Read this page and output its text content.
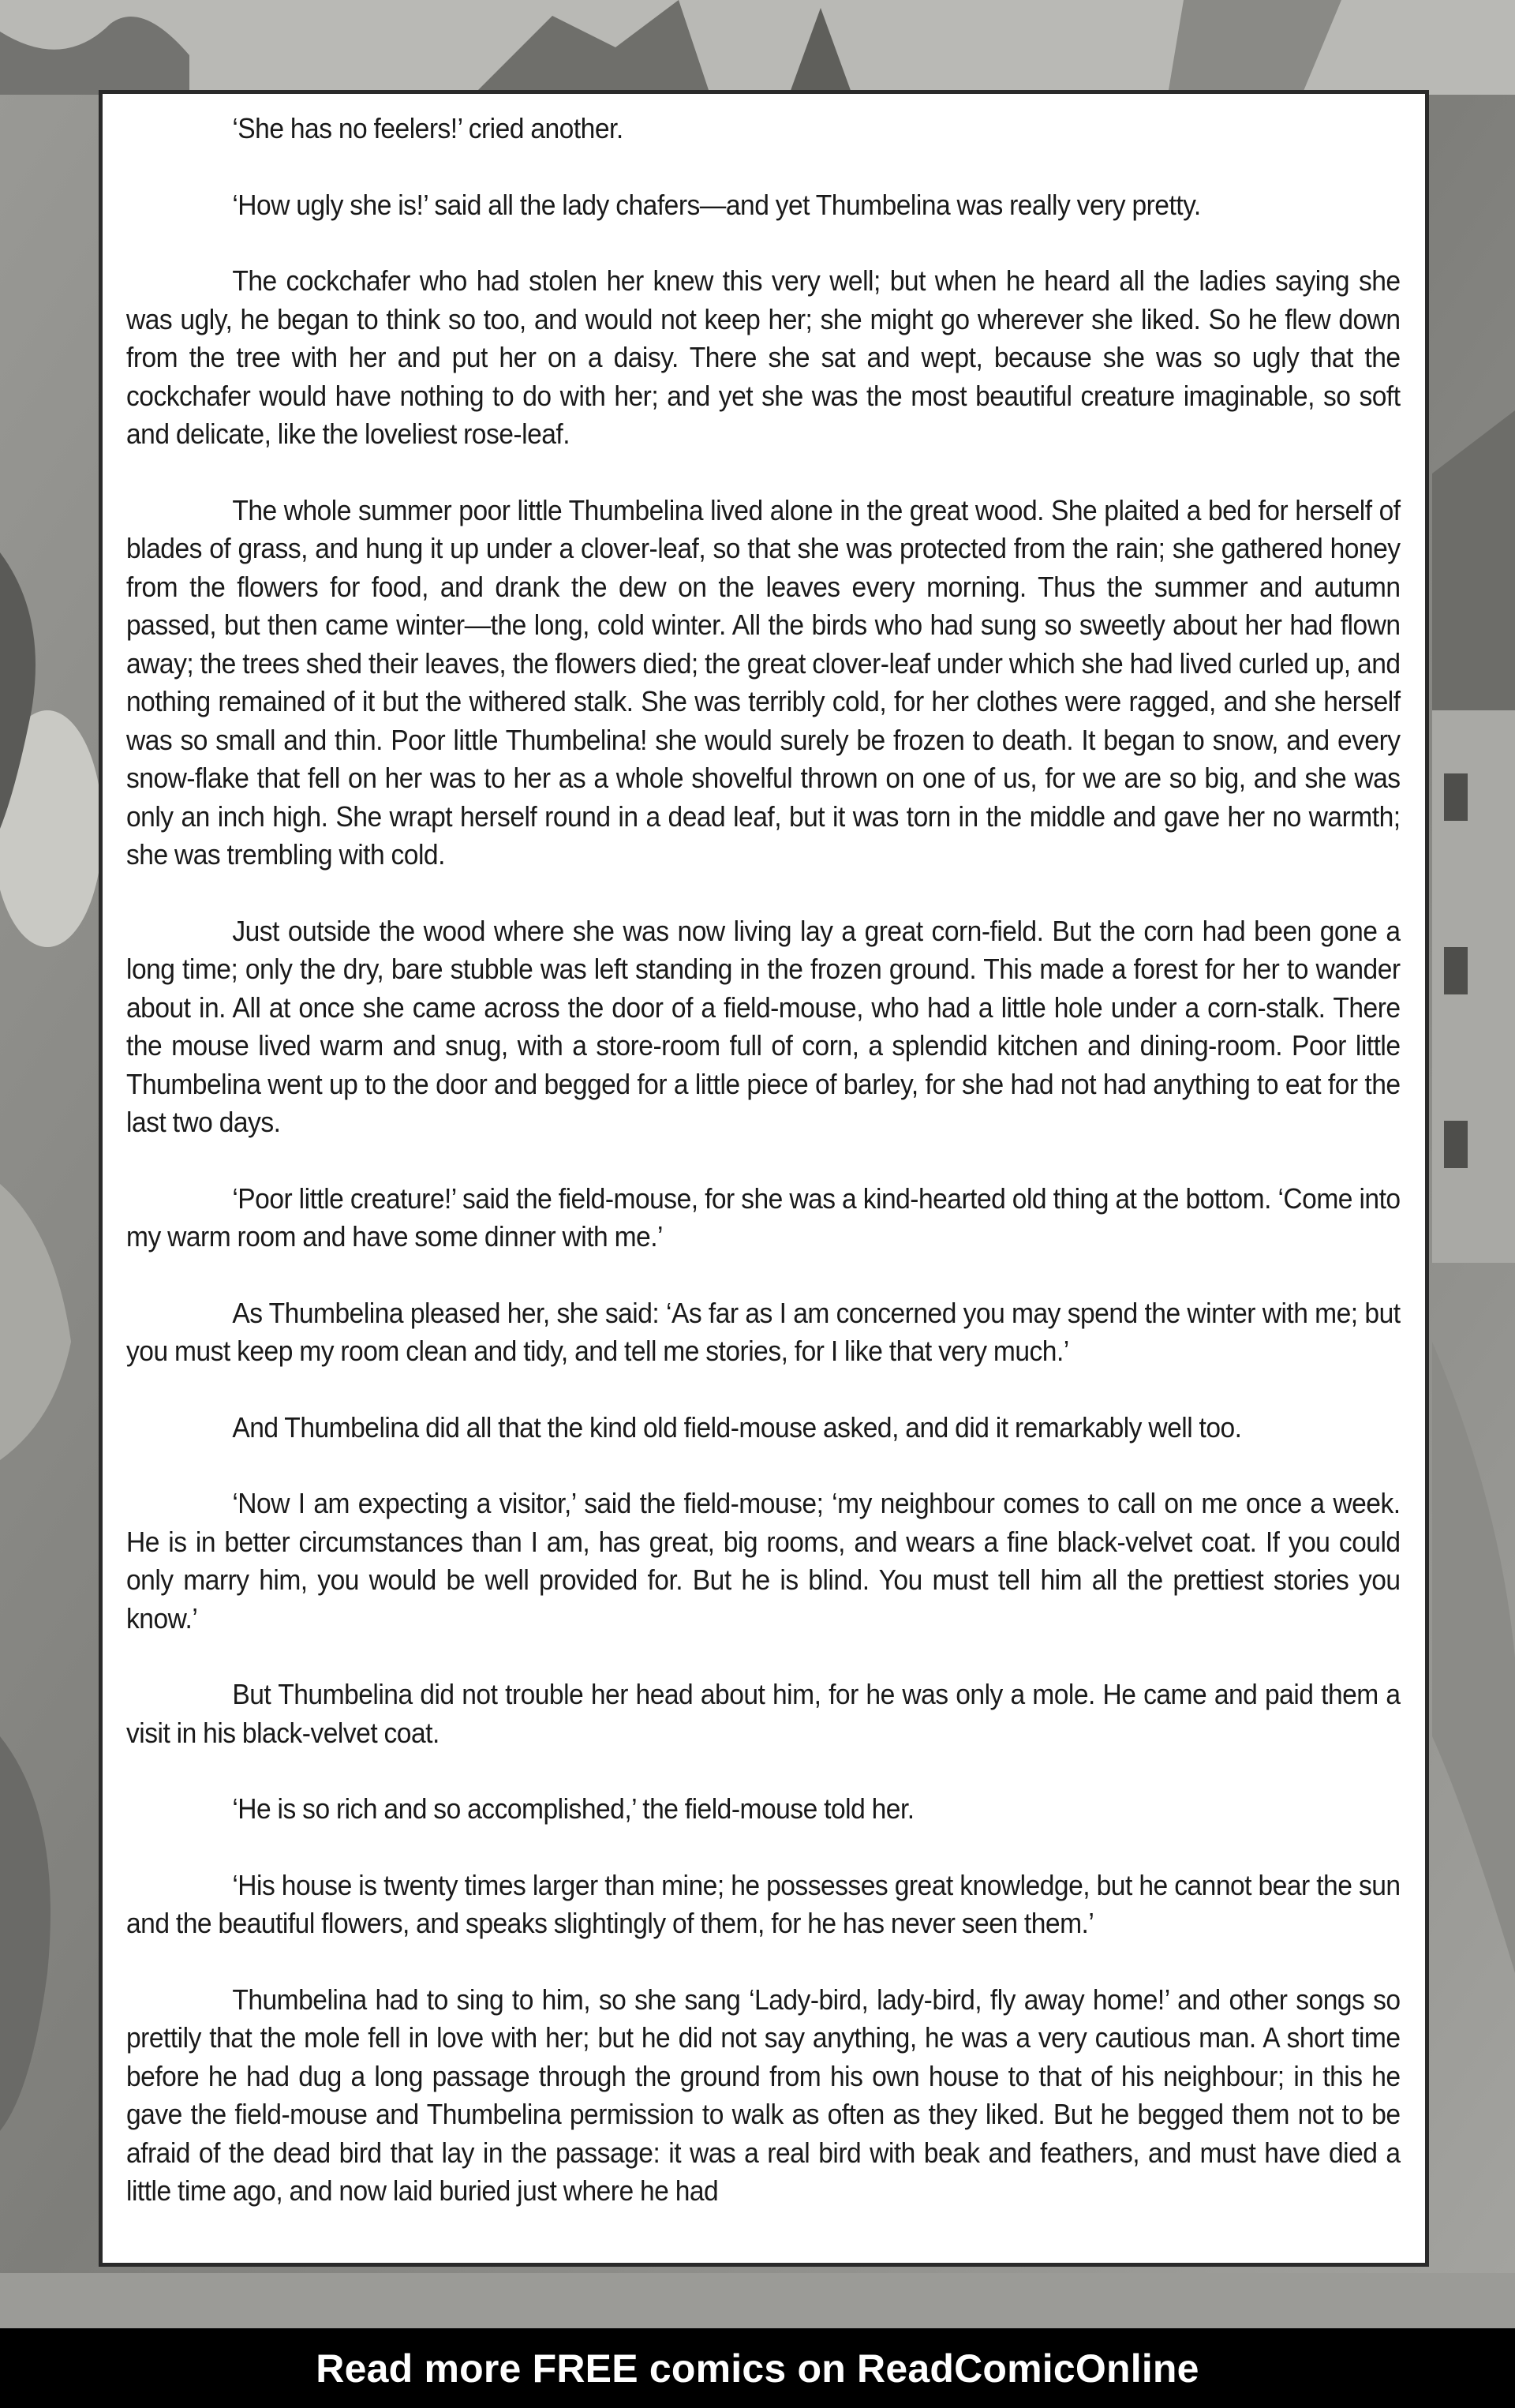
‘She has no feelers!’ cried another.

‘How ugly she is!’ said all the lady chafers—and yet Thumbelina was really very pretty.

The cockchafer who had stolen her knew this very well; but when he heard all the ladies saying she was ugly, he began to think so too, and would not keep her; she might go wherever she liked. So he flew down from the tree with her and put her on a daisy. There she sat and wept, because she was so ugly that the cockchafer would have nothing to do with her; and yet she was the most beautiful creature imaginable, so soft and delicate, like the loveliest rose-leaf.

The whole summer poor little Thumbelina lived alone in the great wood. She plaited a bed for herself of blades of grass, and hung it up under a clover-leaf, so that she was protected from the rain; she gathered honey from the flowers for food, and drank the dew on the leaves every morning. Thus the summer and autumn passed, but then came winter—the long, cold winter. All the birds who had sung so sweetly about her had flown away; the trees shed their leaves, the flowers died; the great clover-leaf under which she had lived curled up, and nothing remained of it but the withered stalk. She was terribly cold, for her clothes were ragged, and she herself was so small and thin. Poor little Thumbelina! she would surely be frozen to death. It began to snow, and every snow-flake that fell on her was to her as a whole shovelful thrown on one of us, for we are so big, and she was only an inch high. She wrapt herself round in a dead leaf, but it was torn in the middle and gave her no warmth; she was trembling with cold.

Just outside the wood where she was now living lay a great corn-field. But the corn had been gone a long time; only the dry, bare stubble was left standing in the frozen ground. This made a forest for her to wander about in. All at once she came across the door of a field-mouse, who had a little hole under a corn-stalk. There the mouse lived warm and snug, with a store-room full of corn, a splendid kitchen and dining-room. Poor little Thumbelina went up to the door and begged for a little piece of barley, for she had not had anything to eat for the last two days.

‘Poor little creature!’ said the field-mouse, for she was a kind-hearted old thing at the bottom. ‘Come into my warm room and have some dinner with me.’

As Thumbelina pleased her, she said: ‘As far as I am concerned you may spend the winter with me; but you must keep my room clean and tidy, and tell me stories, for I like that very much.’

And Thumbelina did all that the kind old field-mouse asked, and did it remarkably well too.

‘Now I am expecting a visitor,’ said the field-mouse; ‘my neighbour comes to call on me once a week. He is in better circumstances than I am, has great, big rooms, and wears a fine black-velvet coat. If you could only marry him, you would be well provided for. But he is blind. You must tell him all the prettiest stories you know.’

But Thumbelina did not trouble her head about him, for he was only a mole. He came and paid them a visit in his black-velvet coat.

‘He is so rich and so accomplished,’ the field-mouse told her.

‘His house is twenty times larger than mine; he possesses great knowledge, but he cannot bear the sun and the beautiful flowers, and speaks slightingly of them, for he has never seen them.’

Thumbelina had to sing to him, so she sang ‘Lady-bird, lady-bird, fly away home!’ and other songs so prettily that the mole fell in love with her; but he did not say anything, he was a very cautious man. A short time before he had dug a long passage through the ground from his own house to that of his neighbour; in this he gave the field-mouse and Thumbelina permission to walk as often as they liked. But he begged them not to be afraid of the dead bird that lay in the passage: it was a real bird with beak and feathers, and must have died a little time ago, and now laid buried just where he had

Read more FREE comics on ReadComicOnline
